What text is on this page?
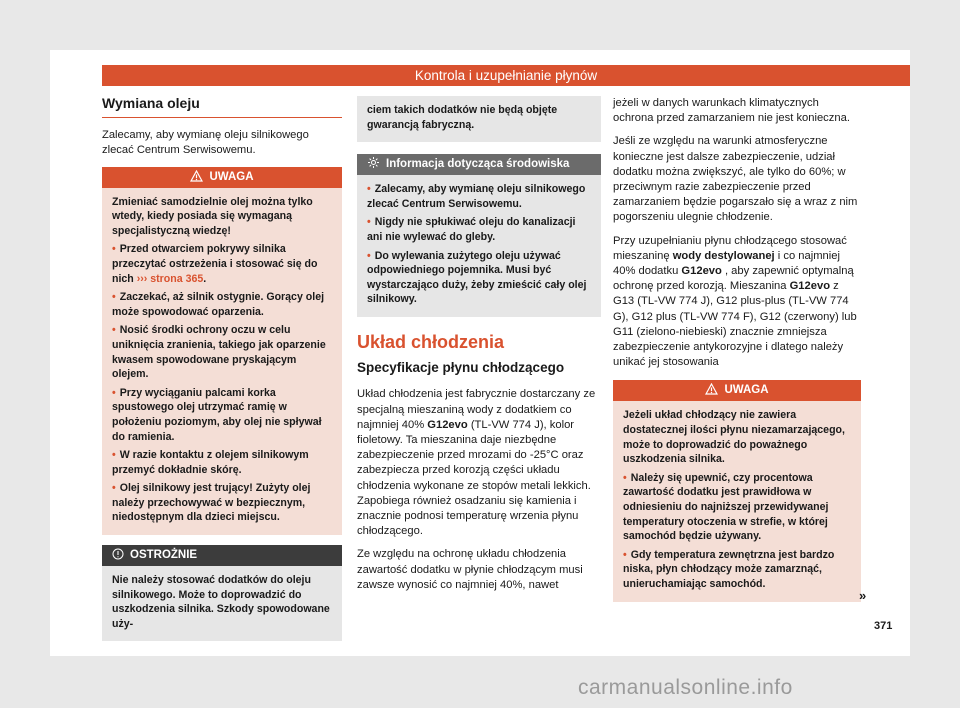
Kontrola i uzupełnianie płynów
Wymiana oleju

Zalecamy, aby wymianę oleju silnikowego zlecać Centrum Serwisowemu.

UWAGA

Zmieniać samodzielnie olej można tylko wtedy, kiedy posiada się wymaganą specjalistyczną wiedzę!

• Przed otwarciem pokrywy silnika przeczytać ostrzeżenia i stosować się do nich ››› strona 365.

• Zaczekać, aż silnik ostygnie. Gorący olej może spowodować oparzenia.

• Nosić środki ochrony oczu w celu uniknięcia zranienia, takiego jak oparzenie kwasem spowodowane pryskającym olejem.

• Przy wyciąganiu palcami korka spustowego olej utrzymać ramię w położeniu poziomym, aby olej nie spływał do ramienia.

• W razie kontaktu z olejem silnikowym przemyć dokładnie skórę.

• Olej silnikowy jest trujący! Zużyty olej należy przechowywać w bezpiecznym, niedostępnym dla dzieci miejscu.

OSTROŻNIE

Nie należy stosować dodatków do oleju silnikowego. Może to doprowadzić do uszkodzenia silnika. Szkody spowodowane uży-

ciem takich dodatków nie będą objęte gwarancją fabryczną.

Informacja dotycząca środowiska

• Zalecamy, aby wymianę oleju silnikowego zlecać Centrum Serwisowemu.

• Nigdy nie spłukiwać oleju do kanalizacji ani nie wylewać do gleby.

• Do wylewania zużytego oleju używać odpowiedniego pojemnika. Musi być wystarczająco duży, żeby zmieścić cały olej silnikowy.

Układ chłodzenia
Specyfikacje płynu chłodzącego

Układ chłodzenia jest fabrycznie dostarczany ze specjalną mieszaniną wody z dodatkiem co najmniej 40% G12evo (TL-VW 774 J), kolor fioletowy. Ta mieszanina daje niezbędne zabezpieczenie przed mrozami do -25°C oraz zabezpiecza przed korozją części układu chłodzenia wykonane ze stopów metali lekkich. Zapobiega również osadzaniu się kamienia i znacznie podnosi temperaturę wrzenia płynu chłodzącego.

Ze względu na ochronę układu chłodzenia zawartość dodatku w płynie chłodzącym musi zawsze wynosić co najmniej 40%, nawet

jeżeli w danych warunkach klimatycznych ochrona przed zamarzaniem nie jest konieczna.

Jeśli ze względu na warunki atmosferyczne konieczne jest dalsze zabezpieczenie, udział dodatku można zwiększyć, ale tylko do 60%; w przeciwnym razie zabezpieczenie przed zamarzaniem będzie pogarszało się a wraz z nim pogorszeniu ulegnie chłodzenie.

Przy uzupełnianiu płynu chłodzącego stosować mieszaninę wody destylowanej i co najmniej 40% dodatku G12evo , aby zapewnić optymalną ochronę przed korozją. Mieszanina G12evo z G13 (TL-VW 774 J), G12 plus-plus (TL-VW 774 G), G12 plus (TL-VW 774 F), G12 (czerwony) lub G11 (zielono-niebieski) znacznie zmniejsza zabezpieczenie antykorozyjne i dlatego należy unikać jej stosowania

UWAGA

Jeżeli układ chłodzący nie zawiera dostatecznej ilości płynu niezamarzającego, może to doprowadzić do poważnego uszkodzenia silnika.

• Należy się upewnić, czy procentowa zawartość dodatku jest prawidłowa w odniesieniu do najniższej przewidywanej temperatury otoczenia w strefie, w której samochód będzie używany.

• Gdy temperatura zewnętrzna jest bardzo niska, płyn chłodzący może zamarznąć, unieruchamiając samochód.

»
371
carmanualsonline.info
